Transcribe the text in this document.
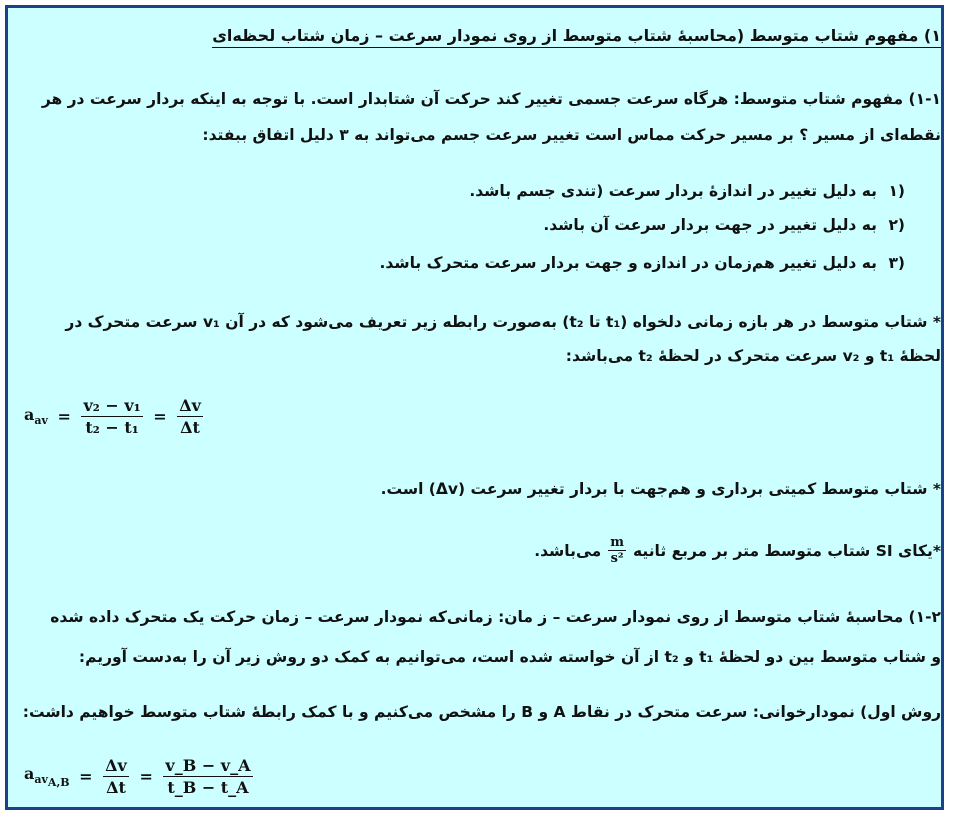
۱) مفهوم شتاب متوسط (محاسبهٔ شتاب متوسط از روی نمودار سرعت – زمان شتاب لحظه‌ای
۱-۱) مفهوم شتاب متوسط: هرگاه سرعت جسمی تغییر کند حرکت آن شتابدار است. با توجه به اینکه بردار سرعت در هر
نقطه‌ای از مسیر ؟ بر مسیر حرکت مماس است تغییر سرعت جسم می‌تواند به ۳ دلیل اتفاق ببفتد:
۱)
به دلیل تغییر در اندازهٔ بردار سرعت (تندی جسم باشد.
۲)
به دلیل تغییر در جهت بردار سرعت آن باشد.
۳)
به دلیل تغییر هم‌زمان در اندازه و جهت بردار سرعت متحرک باشد.
* شتاب متوسط در هر بازه زمانی دلخواه (t₁ تا t₂) به‌صورت رابطه زیر تعریف می‌شود که در آن v₁ سرعت متحرک در
لحظهٔ t₁ و v₂ سرعت متحرک در لحظهٔ t₂ می‌باشد:
$a_{av} = \frac{\text{v₂ − v₁}}{\text{t₂ − t₁}} = \frac{\Delta v}{\Delta t}$
* شتاب متوسط کمیتی برداری و هم‌جهت با بردار تغییر سرعت (Δv) است.
*یکای SI شتاب متوسط متر بر مربع ثانیه
$\frac{m}{\text{s²}}$
می‌باشد.
۱-۲) محاسبهٔ شتاب متوسط از روی نمودار سرعت – ز مان: زمانی‌که نمودار سرعت – زمان حرکت یک متحرک داده شده
و شتاب متوسط بین دو لحظهٔ t₁ و t₂ از آن خواسته شده است، می‌توانیم به کمک دو روش زیر آن را به‌دست آوریم:
روش اول) نمودارخوانی: سرعت متحرک در نقاط A و B را مشخص می‌کنیم و با کمک رابطهٔ شتاب متوسط خواهیم داشت:
$a_{av_{A,B}} = \frac{\Delta v}{\Delta t} = \frac{v\_B - v\_A}{t\_B - t\_A}$
